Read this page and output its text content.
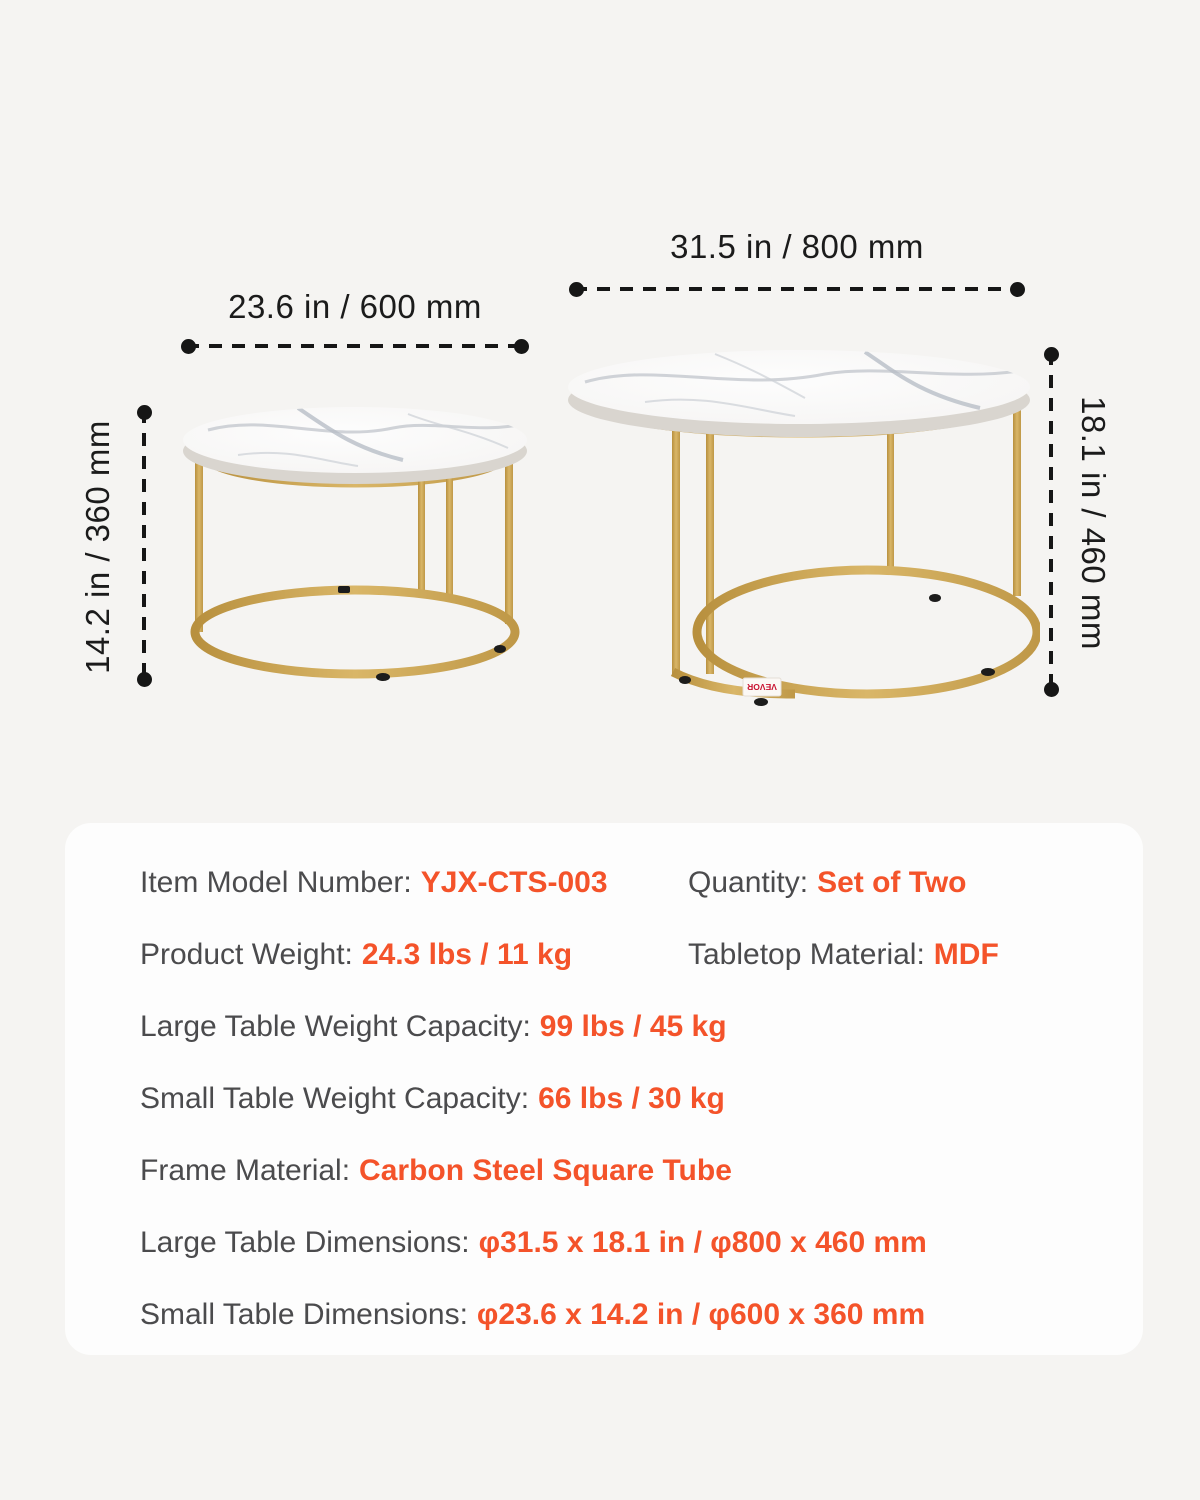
VEVOR
23.6 in / 600 mm
31.5 in / 800 mm
14.2 in / 360 mm	18.1 in / 460 mm
Item Model Number: YJX-CTS-003	Quantity: Set of Two
Product Weight: 24.3 lbs / 11 kg	Tabletop Material: MDF
Large Table Weight Capacity: 99 lbs / 45 kg
Small Table Weight Capacity: 66 lbs / 30 kg
Frame Material: Carbon Steel Square Tube
Large Table Dimensions: φ31.5 x 18.1 in / φ800 x 460 mm
Small Table Dimensions: φ23.6 x 14.2 in / φ600 x 360 mm
